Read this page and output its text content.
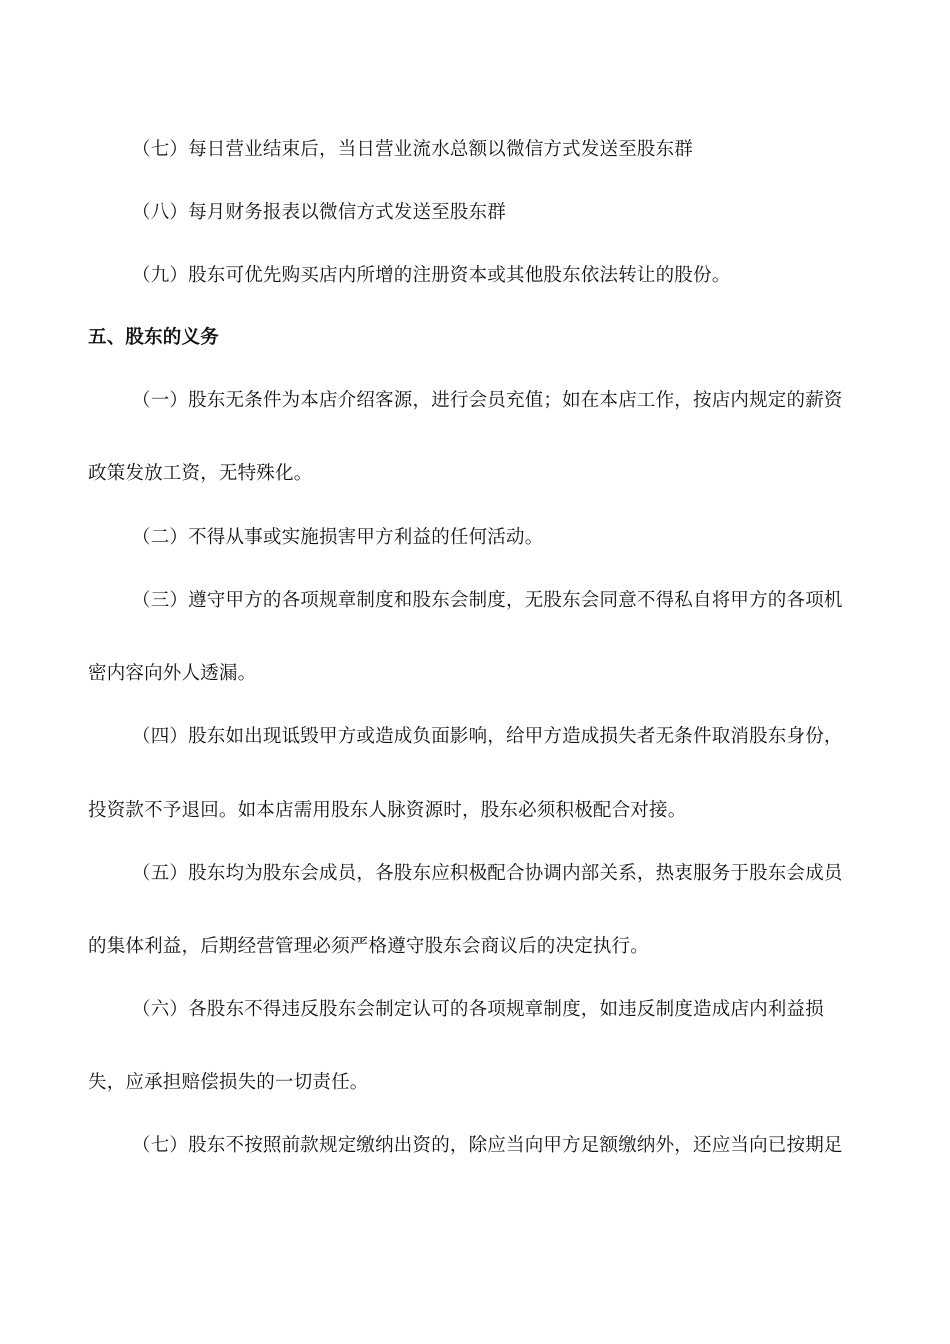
（七）每日营业结束后，当日营业流水总额以微信方式发送至股东群
（八）每月财务报表以微信方式发送至股东群
（九）股东可优先购买店内所增的注册资本或其他股东依法转让的股份。
五、股东的义务
（一）股东无条件为本店介绍客源，进行会员充值；如在本店工作，按店内规定的薪资
政策发放工资，无特殊化。
（二）不得从事或实施损害甲方利益的任何活动。
（三）遵守甲方的各项规章制度和股东会制度，无股东会同意不得私自将甲方的各项机
密内容向外人透漏。
（四）股东如出现诋毁甲方或造成负面影响，给甲方造成损失者无条件取消股东身份，
投资款不予退回。如本店需用股东人脉资源时，股东必须积极配合对接。
（五）股东均为股东会成员，各股东应积极配合协调内部关系，热衷服务于股东会成员
的集体利益，后期经营管理必须严格遵守股东会商议后的决定执行。
（六）各股东不得违反股东会制定认可的各项规章制度，如违反制度造成店内利益损
失，应承担赔偿损失的一切责任。
（七）股东不按照前款规定缴纳出资的，除应当向甲方足额缴纳外，还应当向已按期足
